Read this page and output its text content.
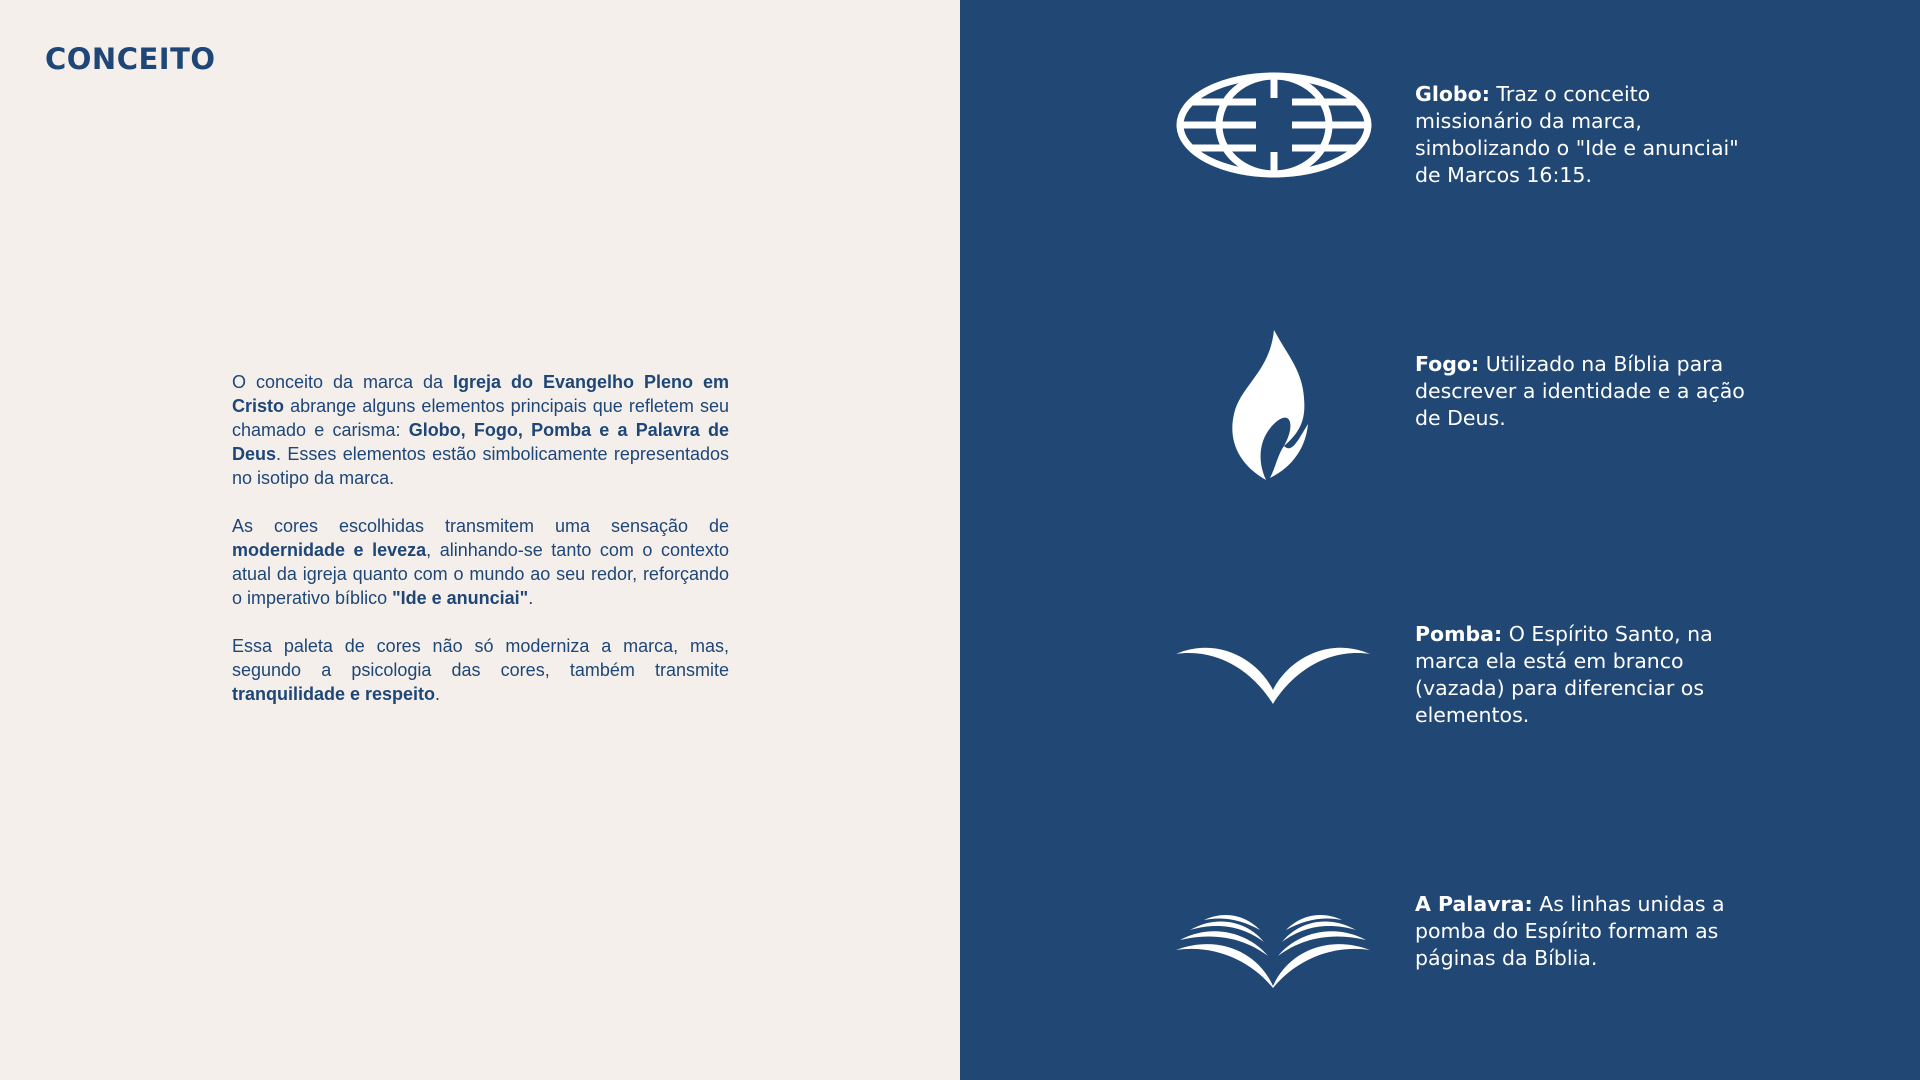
CONCEITO

O conceito da marca da Igreja do Evangelho Pleno em Cristo abrange alguns elementos principais que refletem seu chamado e carisma: Globo, Fogo, Pomba e a Palavra de Deus. Esses elementos estão simbolicamente representados no isotipo da marca.

As cores escolhidas transmitem uma sensação de modernidade e leveza, alinhando-se tanto com o contexto atual da igreja quanto com o mundo ao seu redor, reforçando o imperativo bíblico "Ide e anunciai".

Essa paleta de cores não só moderniza a marca, mas, segundo a psicologia das cores, também transmite tranquilidade e respeito.

Globo: Traz o conceito missionário da marca, simbolizando o "Ide e anunciai" de Marcos 16:15.

Fogo: Utilizado na Bíblia para descrever a identidade e a ação de Deus.

Pomba: O Espírito Santo, na marca ela está em branco (vazada) para diferenciar os elementos.

A Palavra: As linhas unidas a pomba do Espírito formam as páginas da Bíblia.
